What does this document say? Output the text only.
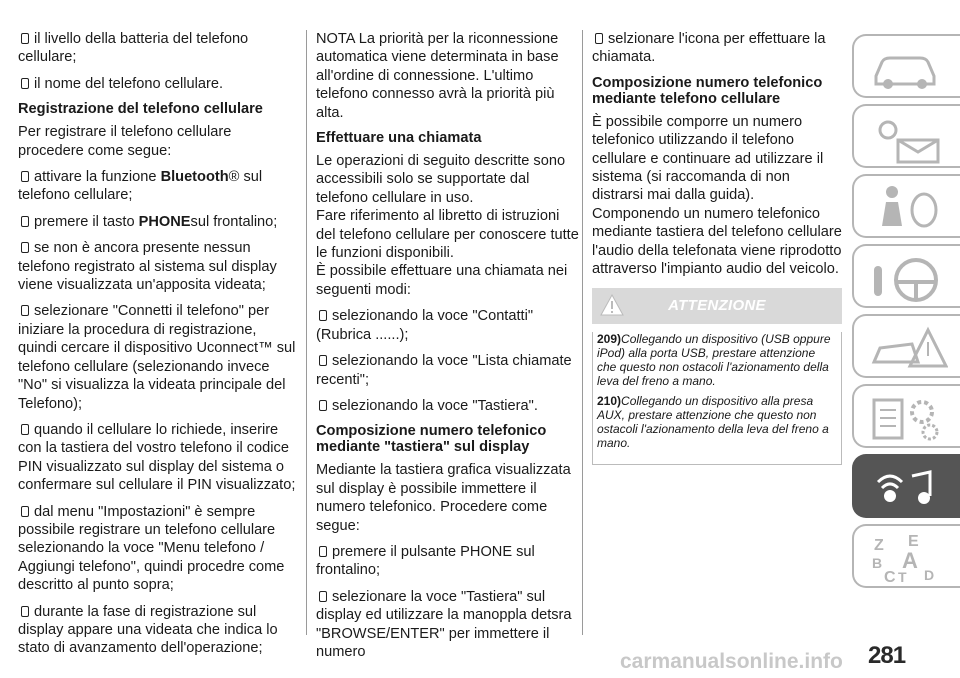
il livello della batteria del telefono cellulare;

il nome del telefono cellulare.

Registrazione del telefono cellulare

Per registrare il telefono cellulare procedere come segue:

attivare la funzione Bluetooth® sul telefono cellulare;

premere il tasto PHONEsul frontalino;

se non è ancora presente nessun telefono registrato al sistema sul display viene visualizzata un'apposita videata;

selezionare "Connetti il telefono" per iniziare la procedura di registrazione, quindi cercare il dispositivo Uconnect™ sul telefono cellulare (selezionando invece "No" si visualizza la videata principale del Telefono);

quando il cellulare lo richiede, inserire con la tastiera del vostro telefono il codice PIN visualizzato sul display del sistema o confermare sul cellulare il PIN visualizzato;

dal menu "Impostazioni" è sempre possibile registrare un telefono cellulare selezionando la voce "Menu telefono / Aggiungi telefono", quindi procedre come descritto al punto sopra;

durante la fase di registrazione sul display appare una videata che indica lo stato di avanzamento dell'operazione;

NOTA La priorità per la riconnessione automatica viene determinata in base all'ordine di connessione. L'ultimo telefono connesso avrà la priorità più alta.

Effettuare una chiamata

Le operazioni di seguito descritte sono accessibili solo se supportate dal telefono cellulare in uso.

Fare riferimento al libretto di istruzioni del telefono cellulare per conoscere tutte le funzioni disponibili.

È possibile effettuare una chiamata nei seguenti modi:

selezionando la voce "Contatti" (Rubrica ......);

selezionando la voce "Lista chiamate recenti";

selezionando la voce "Tastiera".

Composizione numero telefonico mediante "tastiera" sul display

Mediante la tastiera grafica visualizzata sul display è possibile immettere il numero telefonico. Procedere come segue:

premere il pulsante PHONE sul frontalino;

selezionare la voce "Tastiera" sul display ed utilizzare la manoppla detsra "BROWSE/ENTER" per immettere il numero

selzionare l'icona per effettuare la chiamata.

Composizione numero telefonico mediante telefono cellulare

È possibile comporre un numero telefonico utilizzando il telefono cellulare e continuare ad utilizzare il sistema (si raccomanda di non distrarsi mai dalla guida).

Componendo un numero telefonico mediante tastiera del telefono cellulare l'audio della telefonata viene riprodotto attraverso l'impianto audio del veicolo.

ATTENZIONE

209)Collegando un dispositivo (USB oppure iPod) alla porta USB, prestare attenzione che questo non ostacoli l'azionamento della leva del freno a mano.

210)Collegando un dispositivo alla presa AUX, prestare attenzione che questo non ostacoli l'azionamento della leva del freno a mano.

Z E
B A
C T D
carmanualsonline.info 281
